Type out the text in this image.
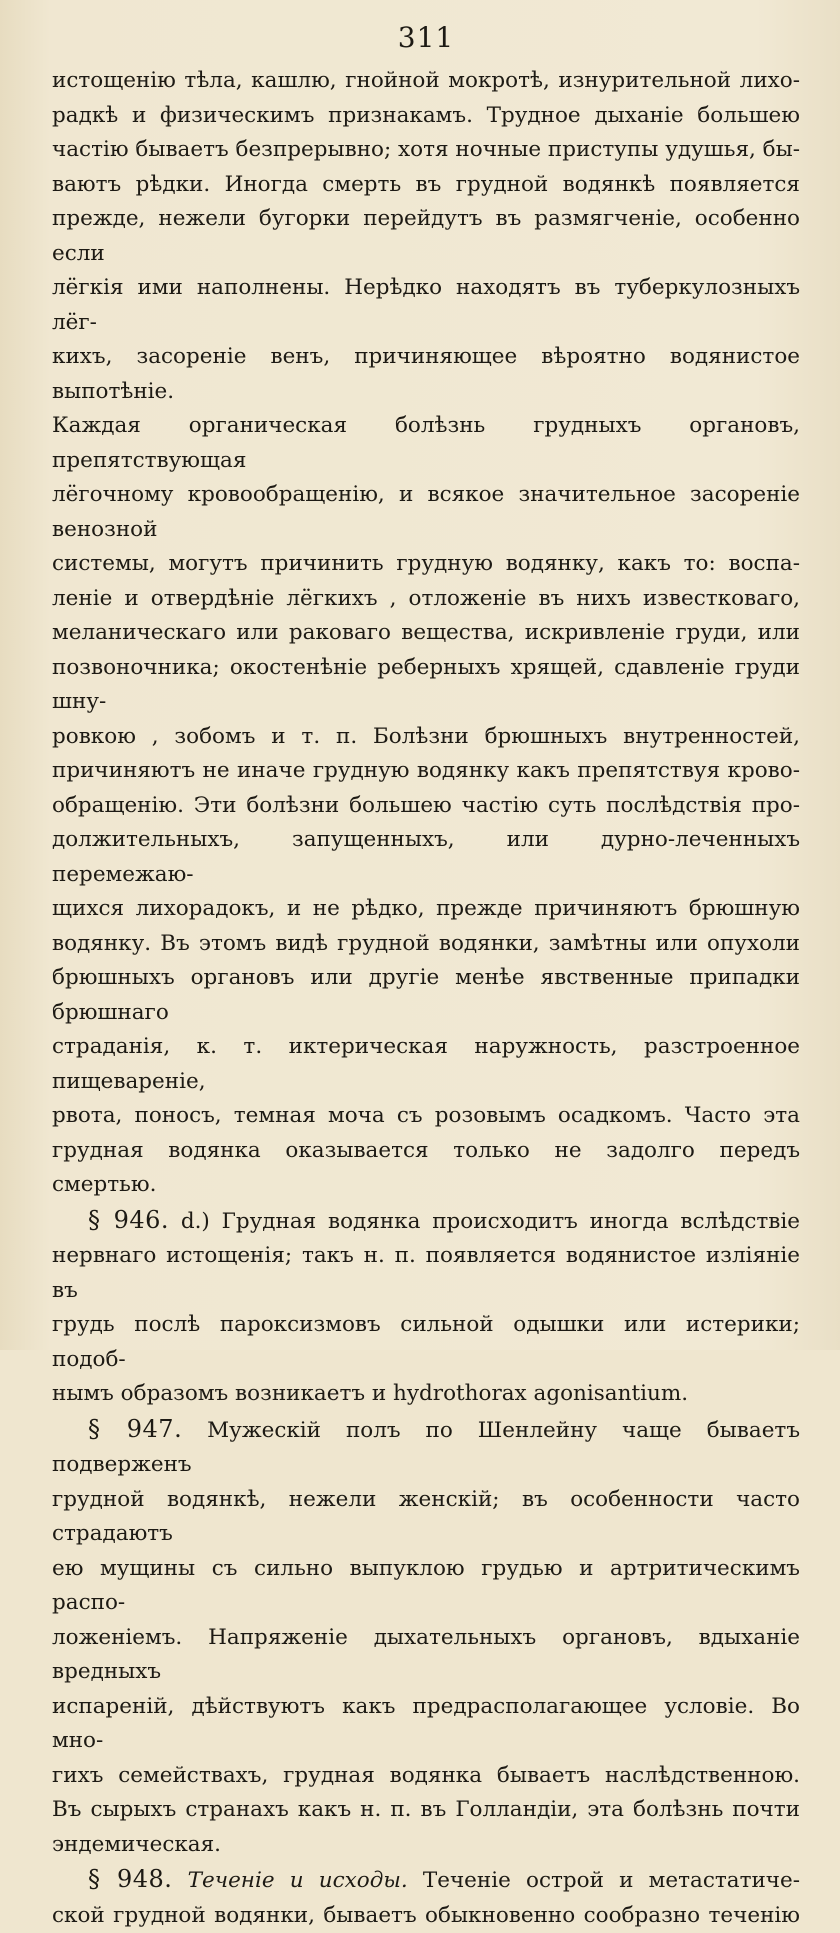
311

истощенію тѣла, кашлю, гнойной мокротѣ, изнурительной лихо-
радкѣ и физическимъ признакамъ. Трудное дыханіе большею
частію бываетъ безпрерывно; хотя ночные приступы удушья, бы-
ваютъ рѣдки. Иногда смерть въ грудной водянкѣ появляется
прежде, нежели бугорки перейдутъ въ размягченіе, особенно если
лёгкія ими наполнены. Нерѣдко находятъ въ туберкулозныхъ лёг-
кихъ, засореніе венъ, причиняющее вѣроятно водянистое выпотѣніе.
Каждая органическая болѣзнь грудныхъ органовъ, препятствующая
лёгочному кровообращенію, и всякое значительное засореніе венозной
системы, могутъ причинить грудную водянку, какъ то: воспа-
леніе и отвердѣніе лёгкихъ , отложеніе въ нихъ известковаго,
меланическаго или раковаго вещества, искривленіе груди, или
позвоночника; окостенѣніе реберныхъ хрящей, сдавленіе груди шну-
ровкою , зобомъ и т. п. Болѣзни брюшныхъ внутренностей,
причиняютъ не иначе грудную водянку какъ препятствуя крово-
обращенію. Эти болѣзни большею частію суть послѣдствія про-
должительныхъ, запущенныхъ, или дурно-леченныхъ перемежаю-
щихся лихорадокъ, и не рѣдко, прежде причиняютъ брюшную
водянку. Въ этомъ видѣ грудной водянки, замѣтны или опухоли
брюшныхъ органовъ или другіе менѣе явственные припадки брюшнаго
страданія, к. т. иктерическая наружность, разстроенное пищевареніе,
рвота, поносъ, темная моча съ розовымъ осадкомъ. Часто эта

грудная водянка оказывается только не задолго передъ смертью.

§ 946. d.) Грудная водянка происходитъ иногда вслѣдствіе
нервнаго истощенія; такъ н. п. появляется водянистое изліяніе въ
грудь послѣ пароксизмовъ сильной одышки или истерики; подоб-

нымъ образомъ возникаетъ и hydrothorax agonisantium.

§ 947. Мужескій полъ по Шенлейну чаще бываетъ подверженъ
грудной водянкѣ, нежели женскій; въ особенности часто страдаютъ
ею мущины съ сильно выпуклою грудью и артритическимъ распо-
ложеніемъ. Напряженіе дыхательныхъ органовъ, вдыханіе вредныхъ
испареній, дѣйствуютъ какъ предрасполагающее условіе. Во мно-
гихъ семействахъ, грудная водянка бываетъ наслѣдственною.
Въ сырыхъ странахъ какъ н. п. въ Голландіи, эта болѣзнь почти

эндемическая.

§ 948. Теченіе и исходы. Теченіе острой и метастатиче-
ской грудной водянки, бываетъ обыкновенно сообразно теченію
